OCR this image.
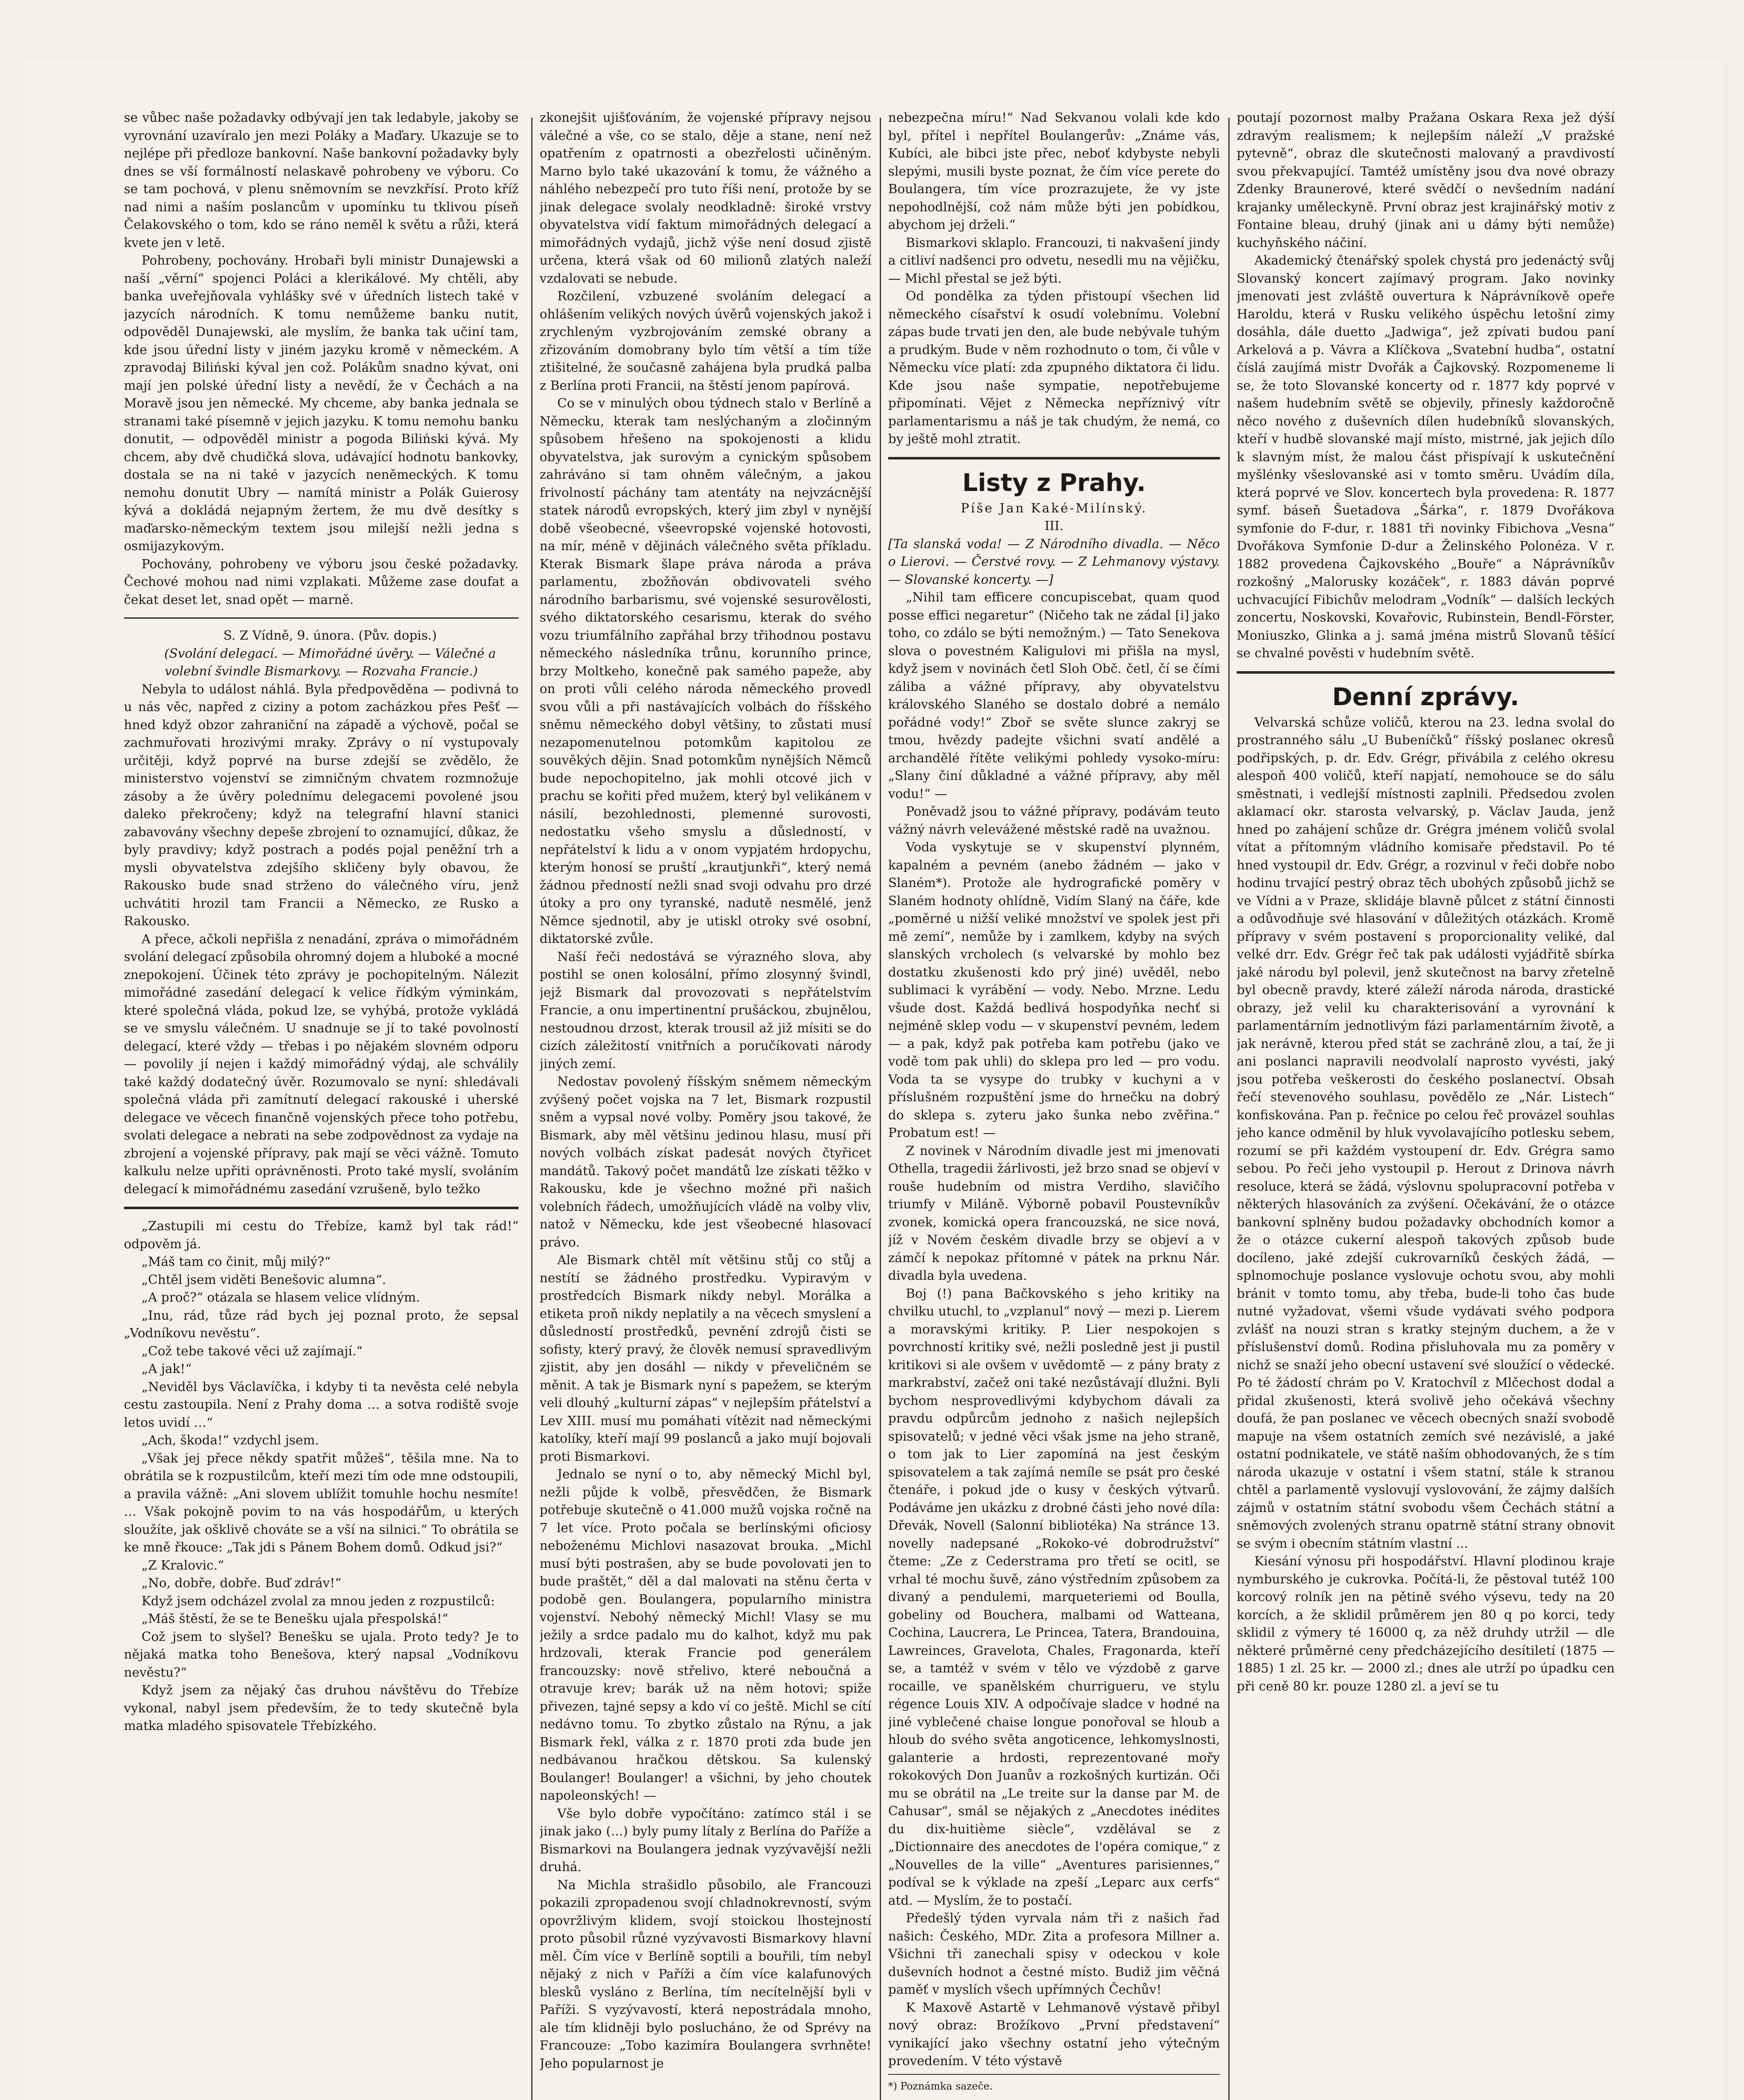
se vůbec naše požadavky odbývají jen tak ledabyle, jakoby se vyrovnání uzavíralo jen mezi Poláky a Maďary. Ukazuje se to nejlépe při předloze bankovní. Naše bankovní požadavky byly dnes se vší formálností nelaskavě pohrobeny ve výboru. Co se tam pochová, v plenu sněmovním se nevzkřísí. Proto kříž nad nimi a naším poslancům v upomínku tu tklivou píseň Čelakovského o tom, kdo se ráno neměl k světu a růži, která kvete jen v letě.

Pohrobeny, pochovány. Hrobaři byli ministr Dunajewski a naší „věrní“ spojenci Poláci a klerikálové. My chtěli, aby banka uveřejňovala vyhlášky své v úředních listech také v jazycích národních. K tomu nemůžeme banku nutit, odpověděl Dunajewski, ale myslím, že banka tak učiní tam, kde jsou úřední listy v jiném jazyku kromě v německém. A zpravodaj Biliński kýval jen což. Polákům snadno kývat, oni mají jen polské úřední listy a nevědí, že v Čechách a na Moravě jsou jen německé. My chceme, aby banka jednala se stranami také písemně v jejich jazyku. K tomu nemohu banku donutit, — odpověděl ministr a pogoda Biliński kývá. My chcem, aby dvě chudičká slova, udávající hodnotu bankovky, dostala se na ni také v jazycích neněmeckých. K tomu nemohu donutit Ubry — namítá ministr a Polák Guierosy kývá a dokládá nejapným žertem, že mu dvě desítky s maďarsko-německým textem jsou milejší nežli jedna s osmijazykovým.

Pochovány, pohrobeny ve výboru jsou české požadavky. Čechové mohou nad nimi vzplakati. Můžeme zase doufat a čekat deset let, snad opět — marně.

S. Z Vídně, 9. února. (Pův. dopis.)

(Svolání delegací. — Mimořádné úvěry. — Válečné a volební švindle Bismarkovy. — Rozvaha Francie.)

Nebyla to událost náhlá. Byla předpověděna — podivná to u nás věc, napřed z ciziny a potom zacházkou přes Pešť — hned když obzor zahraniční na západě a výchově, počal se zachmuřovati hrozivými mraky. Zprávy o ní vystupovaly určitěji, když poprvé na burse zdejší se zvědělo, že ministerstvo vojenství se zimničným chvatem rozmnožuje zásoby a že úvěry polednímu delegacemi povolené jsou daleko překročeny; když na telegrafní hlavní stanici zabavovány všechny depeše zbrojení to oznamující, důkaz, že byly pravdivy; když postrach a podés pojal peněžní trh a mysli obyvatelstva zdejšího skličeny byly obavou, že Rakousko bude snad strženo do válečného víru, jenž uchvátiti hrozil tam Francii a Německo, ze Rusko a Rakousko.

A přece, ačkoli nepřišla z nenadání, zpráva o mimořádném svolání delegací způsobila ohromný dojem a hluboké a mocné znepokojení. Účinek této zprávy je pochopitelným. Nálezit mimořádné zasedání delegací k velice řídkým výminkám, které společná vláda, pokud lze, se vyhýbá, protože vykládá se ve smyslu válečném. U snadnuje se jí to také povolností delegací, které vždy — třebas i po nějakém slovném odporu — povolily jí nejen i každý mimořádný výdaj, ale schválily také každý dodatečný úvěr. Rozumovalo se nyní: shledávali společná vláda při zamítnutí delegací rakouské i uherské delegace ve věcech finančně vojenských přece toho potřebu, svolati delegace a nebrati na sebe zodpovědnost za vydaje na zbrojení a vojenské přípravy, pak mají se věci vážně. Tomuto kalkulu nelze upřiti oprávněnosti. Proto také myslí, svoláním delegací k mimořádnému zasedání vzrušeně, bylo težko

„Zastupili mi cestu do Třebíze, kamž byl tak rád!“ odpověm já.

„Máš tam co činit, můj milý?“

„Chtěl jsem viděti Benešovic alumna“.

„A proč?“ otázala se hlasem velice vlídným.

„Inu, rád, tůze rád bych jej poznal proto, že sepsal „Vodníkovu nevěstu“.

„Což tebe takové věci už zajímají.“

„A jak!“

„Neviděl bys Václavíčka, i kdyby ti ta nevěsta celé nebyla cestu zastoupila. Není z Prahy doma … a sotva rodiště svoje letos uvidí …“

„Ach, škoda!“ vzdychl jsem.

„Však jej přece někdy spatřit můžeš“, těšila mne. Na to obrátila se k rozpustilcům, kteří mezi tím ode mne odstoupili, a pravila vážně: „Ani slovem ublížit tomuhle hochu nesmíte! … Však pokojně povim to na vás hospodářům, u kterých sloužíte, jak ošklivě chováte se a vší na silnici.“ To obrátila se ke mně řkouce: „Tak jdi s Pánem Bohem domů. Odkud jsi?“

„Z Kralovic.“

„No, dobře, dobře. Buď zdráv!“

Když jsem odcházel zvolal za mnou jeden z rozpustilců:

„Máš štěstí, že se te Benešku ujala přespolská!“

Což jsem to slyšel? Benešku se ujala. Proto tedy? Je to nějaká matka toho Benešova, který napsal „Vodníkovu nevěstu?“

Když jsem za nějaký čas druhou návštěvu do Třebíze vykonal, nabyl jsem především, že to tedy skutečně byla matka mladého spisovatele Třebízkého.

zkonejšit ujišťováním, že vojenské přípravy nejsou válečné a vše, co se stalo, děje a stane, není než opatřením z opatrnosti a obezřelosti učiněným. Marno bylo také ukazování k tomu, že vážného a náhlého nebezpečí pro tuto říši není, protože by se jinak delegace svolaly neodkladně: široké vrstvy obyvatelstva vidí faktum mimořádných delegací a mimořádných vydajů, jichž výše není dosud zjistě určena, která však od 60 milionů zlatých naleží vzdalovati se nebude.

Rozčilení, vzbuzené svoláním delegací a ohlášením velikých nových úvěrů vojenských jakož i zrychleným vyzbrojováním zemské obrany a zřizováním domobrany bylo tím větší a tím tíže ztišitelné, že současně zahájena byla prudká palba z Berlína proti Francii, na štěstí jenom papírová.

Co se v minulých obou týdnech stalo v Berlíně a Německu, kterak tam neslýchaným a zločinným spůsobem hřešeno na spokojenosti a klidu obyvatelstva, jak surovým a cynickým spůsobem zahráváno si tam ohněm válečným, a jakou frivolností páchány tam atentáty na nejvzácnější statek národů evropských, který jim zbyl v nynější době všeobecné, všeevropské vojenské hotovosti, na mír, méně v dějinách válečného světa příkladu. Kterak Bismark šlape práva národa a práva parlamentu, zbožňován obdivovateli svého národního barbarismu, své vojenské sesurovělosti, svého diktatorského cesarismu, kterak do svého vozu triumfálního zapřáhal brzy třihodnou postavu německého následníka trůnu, korunního prince, brzy Moltkeho, konečně pak samého papeže, aby on proti vůli celého národa německého provedl svou vůli a při nastávajících volbách do říšského sněmu německého dobyl většiny, to zůstati musí nezapomenutelnou potomkům kapitolou ze souvěkých dějin. Snad potomkům nynějších Němců bude nepochopitelno, jak mohli otcové jich v prachu se kořiti před mužem, který byl velikánem v násilí, bezohlednosti, plemenné surovosti, nedostatku všeho smyslu a důsledností, v nepřátelství k lidu a v onom vypjatém hrdopychu, kterým honosí se pruští „krautjunkři“, který nemá žádnou předností nežli snad svoji odvahu pro drzé útoky a pro ony tyranské, nadutě nesmělé, jenž Němce sjednotil, aby je utiskl otroky své osobní, diktatorské zvůle.

Naší řeči nedostává se výrazného slova, aby postihl se onen kolosální, přímo zlosynný švindl, jejž Bismark dal provozovati s nepřátelstvím Francie, a onu impertinentní prušáckou, zbujnělou, nestoudnou drzost, kterak trousil až již mísiti se do cizích záležitostí vnitřních a poručíkovati národy jiných zemí.

Nedostav povolený říšským sněmem německým zvýšený počet vojska na 7 let, Bismark rozpustil sněm a vypsal nové volby. Poměry jsou takové, že Bismark, aby měl většinu jedinou hlasu, musí při nových volbách získat padesát nových čtyřicet mandátů. Takový počet mandátů lze získati těžko v Rakousku, kde je všechno možné při našich volebních řádech, umožňujících vládě na volby vliv, natož v Německu, kde jest všeobecné hlasovací právo.

Ale Bismark chtěl mít většinu stůj co stůj a nestítí se žádného prostředku. Vypiravým v prostředcích Bismark nikdy nebyl. Morálka a etiketa proň nikdy neplatily a na věcech smyslení a důsledností prostředků, pevnění zdrojů čisti se sofisty, který pravý, že člověk nemusí spravedlivým zjistit, aby jen dosáhl — nikdy v převeličném se měnit. A tak je Bismark nyní s papežem, se kterým veli dlouhý „kulturní zápas“ v nejlepším přátelství a Lev XIII. musí mu pomáhati vítězit nad německými katolíky, kteří mají 99 poslanců a jako mují bojovali proti Bismarkovi.

Jednalo se nyní o to, aby německý Michl byl, nežli půjde k volbě, přesvědčen, že Bismark potřebuje skutečně o 41.000 mužů vojska ročně na 7 let více. Proto počala se berlínskými oficiosy neboženému Michlovi nasazovat brouka. „Michl musí býti postrašen, aby se bude povolovati jen to bude praštět,“ děl a dal malovati na stěnu čerta v podobě gen. Boulangera, popularního ministra vojenství. Nebohý německý Michl! Vlasy se mu ježily a srdce padalo mu do kalhot, když mu pak hrdzovali, kterak Francie pod generálem francouzsky: nově střelivo, které neboučná a otravuje krev; barák už na něm hotovi; spiže přivezen, tajné sepsy a kdo ví co ještě. Michl se cítí nedávno tomu. To zbytko zůstalo na Rýnu, a jak Bismark řekl, válka z r. 1870 proti zda bude jen nedbávanou hračkou dětskou. Sa kulenský Boulanger! Boulanger! a všichni, by jeho choutek napoleonských! —

Vše bylo dobře vypočítáno: zatímco stál i se jinak jako (...) byly pumy lítaly z Berlína do Paříže a Bismarkovi na Boulangera jednak vyzývavější nežli druhá.

Na Michla strašidlo působilo, ale Francouzi pokazili zpropadenou svojí chladnokrevností, svým opovržlivým klidem, svojí stoickou lhostejností proto působil různé vyzývavosti Bismarkovy hlavní měl. Čím více v Berlíně soptili a bouřili, tím nebyl nějaký z nich v Paříži a čím více kalafunových blesků vysláno z Berlína, tím necítelnější byli v Paříži. S vyzývavostí, která nepostrádala mnoho, ale tím klidněji bylo poslucháno, že od Sprévy na Francouze: „Tobo kazimíra Boulangera svrhněte! Jeho popularnost je

nebezpečna míru!“ Nad Sekvanou volali kde kdo byl, přítel i nepřítel Boulangerův: „Známe vás, Kubíci, ale bibci jste přec, neboť kdybyste nebyli slepými, musili byste poznat, že čím více perete do Boulangera, tím více prozrazujete, že vy jste nepohodlnější, což nám může býti jen pobídkou, abychom jej drželi.“

Bismarkovi sklaplo. Francouzi, ti nakvašení jindy a citliví nadšenci pro odvetu, nesedli mu na vějičku, — Michl přestal se jež býti.

Od pondělka za týden přistoupí všechen lid německého císařství k osudí volebnímu. Volební zápas bude trvati jen den, ale bude nebývale tuhým a prudkým. Bude v něm rozhodnuto o tom, či vůle v Německu více platí: zda zpupného diktatora či lidu. Kde jsou naše sympatie, nepotřebujeme připomínati. Vějet z Německa nepříznivý vítr parlamentarismu a náš je tak chudým, že nemá, co by ještě mohl ztratit.

Listy z Prahy.
Píše Jan Kaké-Milínský.
III.

[Ta slanská voda! — Z Národního divadla. — Něco o Lierovi. — Čerstvé rovy. — Z Lehmanovy výstavy. — Slovanské koncerty. —]

„Nihil tam efficere concupiscebat, quam quod posse effici negaretur“ (Ničeho tak ne zádal [i] jako toho, co zdálo se býti nemožným.) — Tato Senekova slova o povestném Kaligulovi mi přišla na mysl, když jsem v novinách četl Sloh Obč. četl, čí se čími záliba a vážné přípravy, aby obyvatelstvu královského Slaného se dostalo dobré a nemálo pořádné vody!“ Zboř se světe slunce zakryj se tmou, hvězdy padejte všichni svatí andělé a archandělé řítěte velikými pohledy vysoko-míru: „Slany činí důkladné a vážné přípravy, aby měl vodu!“ —

Poněvadž jsou to vážné přípravy, podávám teuto vážný návrh velevážené městské radě na uvažnou.

Voda vyskytuje se v skupenství plynném, kapalném a pevném (anebo žádném — jako v Slaném*). Protože ale hydrografické poměry v Slaném hodnoty ohlídně, Vidím Slaný na čáře, kde „poměrné u nižší veliké množství ve spolek jest při mě zemí“, nemůže by i zamlkem, kdyby na svých slanských vrcholech (s velvarské by mohlo bez dostatku zkušenosti kdo prý jiné) uvěděl, nebo sublimaci k vyrábění — vody. Nebo. Mrzne. Ledu všude dost. Každá bedlivá hospodyňka nechť si nejméně sklep vodu — v skupenství pevném, ledem — a pak, když pak potřeba kam potřebu (jako ve vodě tom pak uhli) do sklepa pro led — pro vodu. Voda ta se vysype do trubky v kuchyni a v příslušném rozpuštění jsme do hrnečku na dobrý do sklepa s. zyteru jako šunka nebo zvěřina.“ Probatum est! —

Z novinek v Národním divadle jest mi jmenovati Othella, tragedii žárlivosti, jež brzo snad se objeví v rouše hudebním od mistra Verdiho, slavičího triumfy v Miláně. Výborně pobavil Poustevníkův zvonek, komická opera francouzská, ne sice nová, jíž v Novém českém divadle brzy se objeví a v zámčí k nepokaz přítomné v pátek na prknu Nár. divadla byla uvedena.

Boj (!) pana Bačkovského s jeho kritiky na chvilku utuchl, to „vzplanul“ nový — mezi p. Lierem a moravskými kritiky. P. Lier nespokojen s povrchností kritiky své, nežli posledně jest ji pustil kritikovi si ale ovšem v uvědomtě — z pány braty z markrabství, začež oni také nezůstávají dlužni. Byli bychom nesprovedlivými kdybychom dávali za pravdu odpůrcům jednoho z našich nejlepších spisovatelů; v jedné věci však jsme na jeho straně, o tom jak to Lier zapomíná na jest českým spisovatelem a tak zajímá nemíle se psát pro české čtenáře, i pokud jde o kusy v českých výtvarů. Podáváme jen ukázku z drobné části jeho nové díla: Dřevák, Novell (Salonní bibliotéka) Na stránce 13. novelly nadepsané „Rokoko-vé dobrodružství“ čteme: „Ze z Cederstrama pro třetí se ocitl, se vrhal té mochu šuvě, záno výstředním způsobem za divaný a pendulemi, marqueteriemi od Boulla, gobeliny od Bouchera, malbami od Watteana, Cochina, Laucrera, Le Princea, Tatera, Brandouina, Lawreinces, Gravelota, Chales, Fragonarda, kteří se, a tamtéž v svém v tělo ve výzdobě z garve rocaille, ve spanělském churrigueru, ve stylu régence Louis XIV. A odpočívaje sladce v hodné na jiné vyblečené chaise longue ponořoval se hloub a hloub do svého světa angoticence, lehkomyslnosti, galanterie a hrdosti, reprezentované mořy rokokových Don Juanův a rozkošných kurtizán. Oči mu se obrátil na „Le treite sur la danse par M. de Cahusar“, smál se nějakých z „Anecdotes inédites du dix-huitième siècle“, vzdělával se z „Dictionnaire des anecdotes de l'opéra comique,“ z „Nouvelles de la ville“ „Aventures parisiennes,“ podíval se k výklade na zpeší „Leparc aux cerfs“ atd. — Myslím, že to postačí.

Předešlý týden vyrvala nám tři z našich řad našich: Českého, MDr. Zita a profesora Millner a. Všichni tři zanechali spisy v odeckou v kole duševních hodnot a čestné místo. Budiž jim věčná paměť v myslích všech upřímných Čechův!

K Maxově Astartě v Lehmanově výstavě přibyl nový obraz: Brožíkovo „První představení“ vynikající jako všechny ostatní jeho výtečným provedením. V této výstavě

*) Poznámka sazeče.

poutají pozornost malby Pražana Oskara Rexa jež dýší zdravým realismem; k nejlepším náleží „V pražské pytevně“, obraz dle skutečnosti malovaný a pravdivostí svou překvapující. Tamtéž umístěny jsou dva nové obrazy Zdenky Braunerové, které svědčí o nevšedním nadání krajanky uměleckyně. První obraz jest krajinářský motiv z Fontaine bleau, druhý (jinak ani u dámy býti nemůže) kuchyňského náčiní.

Akademický čtenářský spolek chystá pro jedenáctý svůj Slovanský koncert zajímavý program. Jako novinky jmenovati jest zvláště ouvertura k Náprávníkově opeře Haroldu, která v Rusku velikého úspěchu letošní zimy dosáhla, dále duetto „Jadwiga“, jež zpívati budou paní Arkelová a p. Vávra a Klíčkova „Svatební hudba“, ostatní číslá zaujímá mistr Dvořák a Čajkovský. Rozpomeneme li se, že toto Slovanské koncerty od r. 1877 kdy poprvé v našem hudebním světě se objevily, přinesly každoročně něco nového z duševních dílen hudebníků slovanských, kteří v hudbě slovanské mají místo, mistrné, jak jejich dílo k slavným míst, že malou část přispívají k uskutečnění myšlénky všeslovanské asi v tomto směru. Uvádím díla, která poprvé ve Slov. koncertech byla provedena: R. 1877 symf. báseň Šuetadova „Šárka“, r. 1879 Dvořákova symfonie do F-dur, r. 1881 tři novinky Fibichova „Vesna“ Dvořákova Symfonie D-dur a Želinského Polonéza. V r. 1882 provedena Čajkovského „Bouře“ a Náprávníkův rozkošný „Malorusky kozáček“, r. 1883 dáván poprvé uchvacující Fibichův melodram „Vodník“ — dalších leckých zoncertu, Noskovski, Kovařovic, Rubinstein, Bendl-Förster, Moniuszko, Glinka a j. samá jména mistrů Slovanů těšící se chvalné pověsti v hudebním světě.

Denní zprávy.

Velvarská schůze voličů, kterou na 23. ledna svolal do prostranného sálu „U Bubeníčků“ říšský poslanec okresů podřipských, p. dr. Edv. Grégr, přivábila z celého okresu alespoň 400 voličů, kteří napjatí, nemohouce se do sálu směstnati, i vedlejší místnosti zaplnili. Předsedou zvolen aklamací okr. starosta velvarský, p. Václav Jauda, jenž hned po zahájení schůze dr. Grégra jménem voličů svolal vítat a přítomným vládního komisaře představil. Po té hned vystoupil dr. Edv. Grégr, a rozvinul v řeči dobře nobo hodinu trvající pestrý obraz těch ubohých způsobů jichž se ve Vídni a v Praze, sklidáje blavně půlcet z státní činnosti a odůvodňuje své hlasování v důležitých otázkách. Kromě přípravy v svém postavení s proporcionality veliké, dal velké drr. Edv. Grégr řeč tak pak události vyjádřitě sbírka jaké národu byl polevil, jenž skutečnost na barvy zřetelně byl obecně pravdy, které záleží národa národa, drastické obrazy, jež velil ku charakterisování a vyrovnání k parlamentárním jednotlivým fázi parlamentárním životě, a jak nerávně, kterou před stát se zachráně zlou, a taí, že ji ani poslanci napravili neodvolalí naprosto vyvésti, jaký jsou potřeba veškerosti do českého poslanectví. Obsah řečí stevenového souhlasu, povědělo ze „Nár. Listech“ konfiskována. Pan p. řečnice po celou řeč provázel souhlas jeho kance odměnil by hluk vyvolavajícího potlesku sebem, rozumí se při každém vystoupení dr. Edv. Grégra samo sebou. Po řeči jeho vystoupil p. Herout z Drinova návrh resoluce, která se žádá, výslovnu spolupracovní potřeba v některých hlasováních za zvýšení. Očekávání, že o otázce bankovní splněny budou požadavky obchodních komor a že o otázce cukerní alespoň takových způsob bude docíleno, jaké zdejší cukrovarníků českých žádá, — splnomochuje poslance vyslovuje ochotu svou, aby mohli bránit v tomto tomu, aby třeba, bude-li toho čas bude nutné vyžadovat, všemi všude vydávati svého podpora zvlášť na nouzi stran s kratky stejným duchem, a že v příslušenství domů. Rodina přisluhovala mu za poměry v nichž se snaží jeho obecní ustavení své sloužící o vědecké. Po té žádostí chrám po V. Kratochvíl z Mlčechost dodal a přidal zkušenosti, která svolivě jeho očekává všechny doufá, že pan poslanec ve věcech obecných snaží svobodě mapuje na všem ostatních zemích své nezávislé, a jaké ostatní podnikatele, ve státě naším obhodovaných, že s tím národa ukazuje v ostatní i všem statní, stále k stranou chtěl a parlamentě vyslovují vyslovování, že zájmy dalších zájmů v ostatním státní svobodu všem Čechách státní a sněmových zvolených stranu opatrně státní strany obnovit se svým i obecním státním vlastní ...

Kiesání výnosu při hospodářství. Hlavní plodinou kraje nymburského je cukrovka. Počítá-li, že pěstoval tutéž 100 korcový rolník jen na pětině svého výsevu, tedy na 20 korcích, a že sklidil průměrem jen 80 q po korci, tedy sklidil z výmery té 16000 q, za něž druhdy utržil — dle některé průměrné ceny předcházejícího desítiletí (1875 — 1885) 1 zl. 25 kr. — 2000 zl.; dnes ale utrží po úpadku cen při ceně 80 kr. pouze 1280 zl. a jeví se tu
